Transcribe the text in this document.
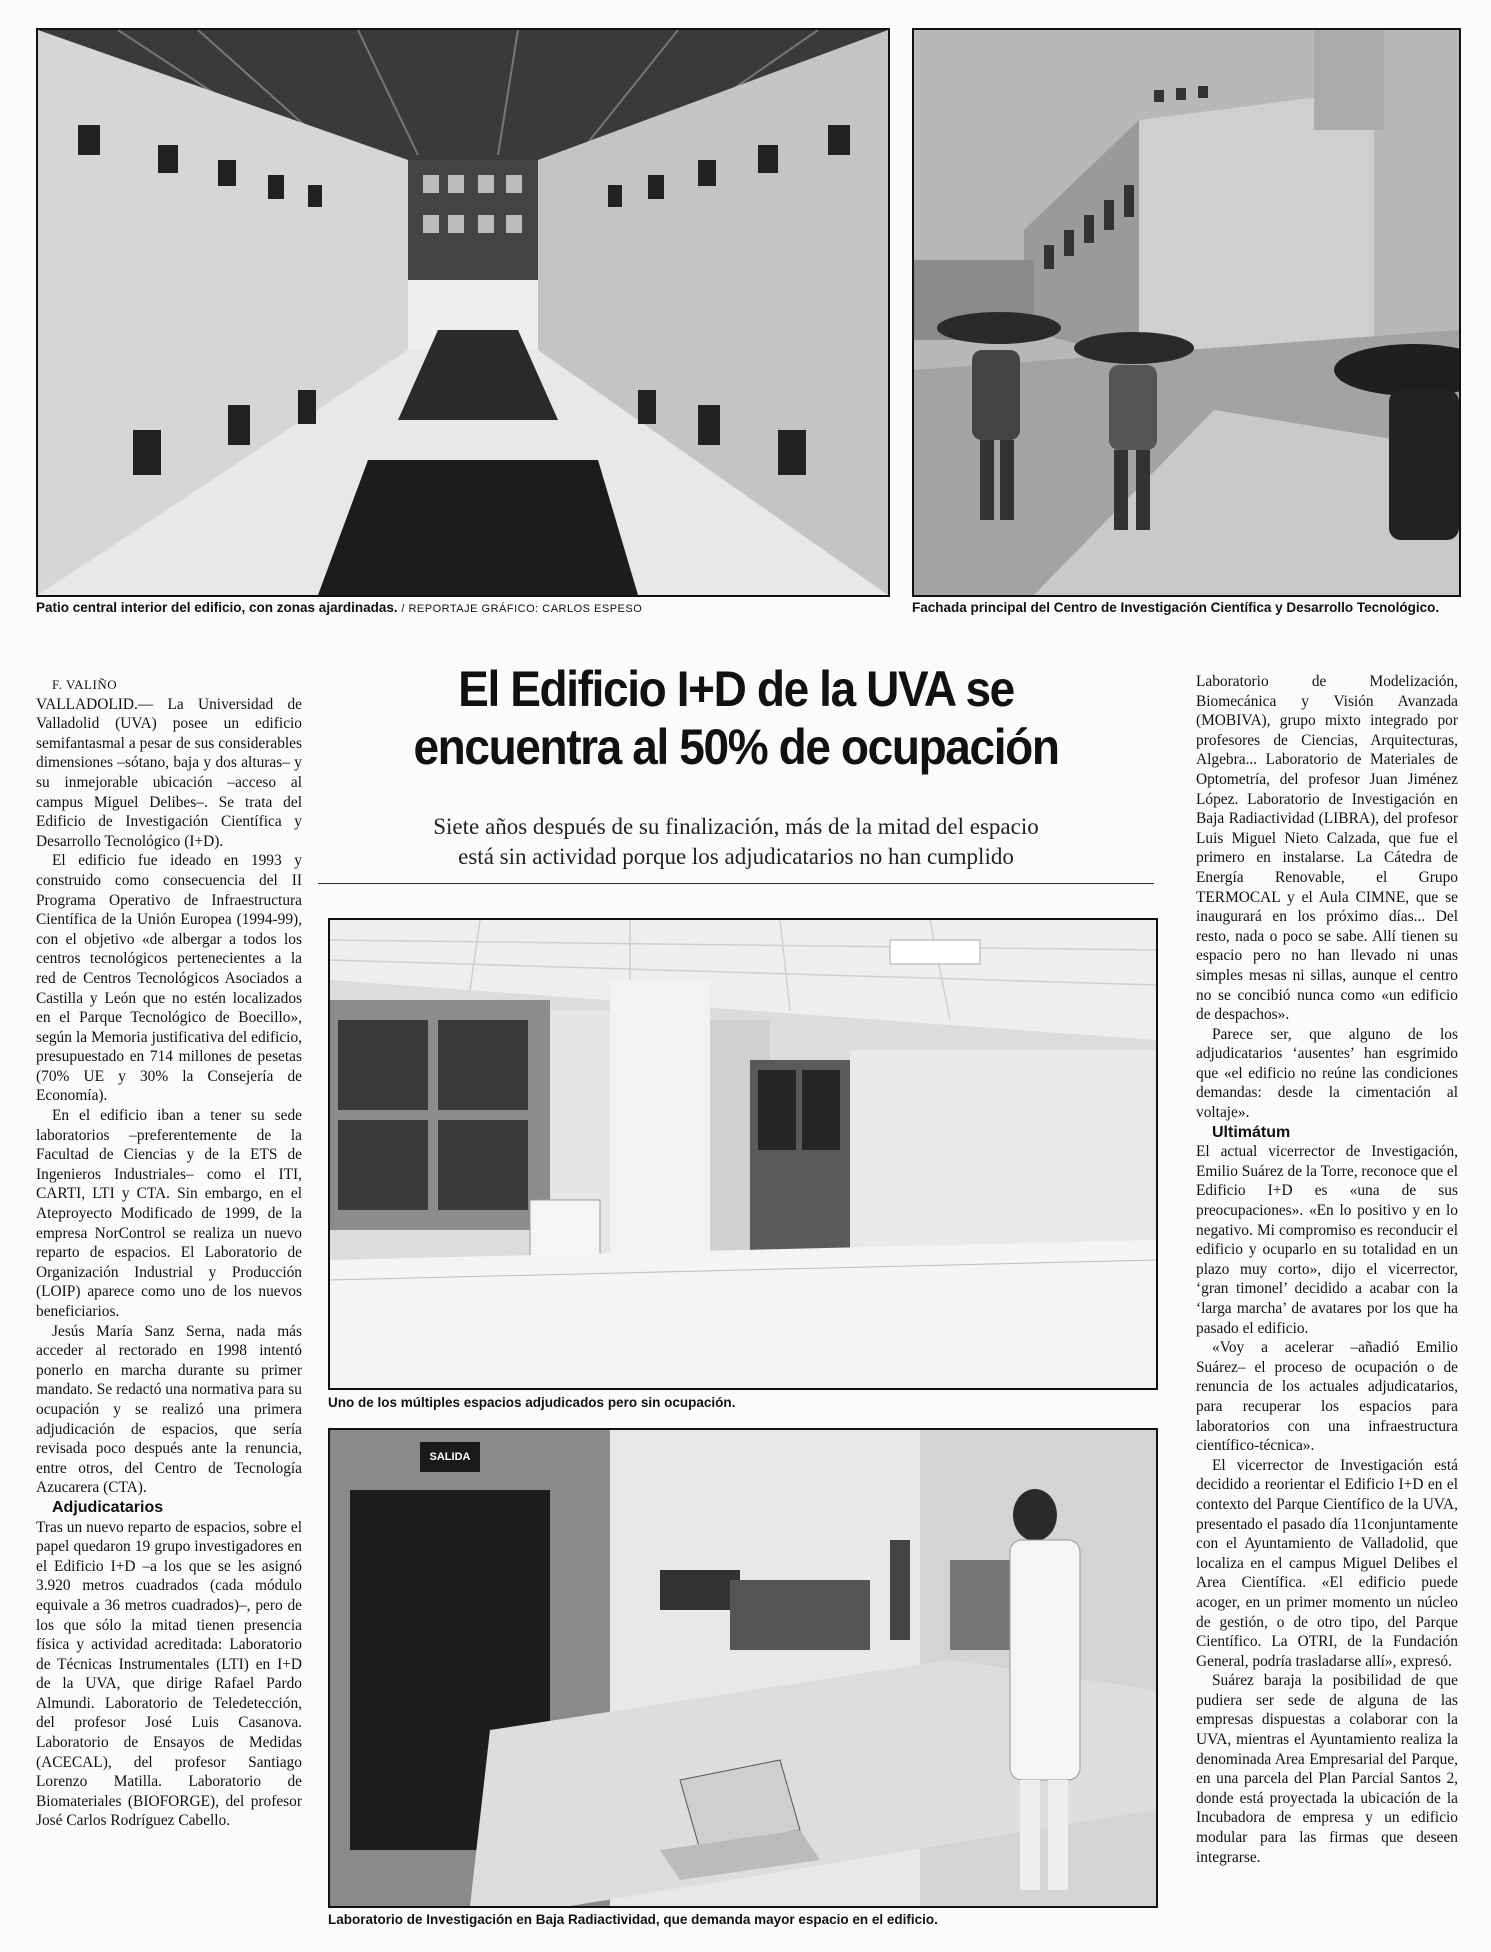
Patio central interior del edificio, con zonas ajardinadas. / REPORTAJE GRÁFICO: CARLOS ESPESO	Fachada principal del Centro de Investigación Científica y Desarrollo Tecnológico.

F. VALIÑO

VALLADOLID.— La Universidad de Valladolid (UVA) posee un edificio semifantasmal a pesar de sus considerables dimensiones –sótano, baja y dos alturas– y su inmejorable ubicación –acceso al campus Miguel Delibes–. Se trata del Edificio de Investigación Científica y Desarrollo Tecnológico (I+D).

El edificio fue ideado en 1993 y construido como consecuencia del II Programa Operativo de Infraestructura Científica de la Unión Europea (1994-99), con el objetivo «de albergar a todos los centros tecnológicos pertenecientes a la red de Centros Tecnológicos Asociados a Castilla y León que no estén localizados en el Parque Tecnológico de Boecillo», según la Memoria justificativa del edificio, presupuestado en 714 millones de pesetas (70% UE y 30% la Consejería de Economía).

En el edificio iban a tener su sede laboratorios –preferentemente de la Facultad de Ciencias y de la ETS de Ingenieros Industriales– como el ITI, CARTI, LTI y CTA. Sin embargo, en el Ateproyecto Modificado de 1999, de la empresa NorControl se realiza un nuevo reparto de espacios. El Laboratorio de Organización Industrial y Producción (LOIP) aparece como uno de los nuevos beneficiarios.

Jesús María Sanz Serna, nada más acceder al rectorado en 1998 intentó ponerlo en marcha durante su primer mandato. Se redactó una normativa para su ocupación y se realizó una primera adjudicación de espacios, que sería revisada poco después ante la renuncia, entre otros, del Centro de Tecnología Azucarera (CTA).

Adjudicatarios

Tras un nuevo reparto de espacios, sobre el papel quedaron 19 grupo investigadores en el Edificio I+D –a los que se les asignó 3.920 metros cuadrados (cada módulo equivale a 36 metros cuadrados)–, pero de los que sólo la mitad tienen presencia física y actividad acreditada: Laboratorio de Técnicas Instrumentales (LTI) en I+D de la UVA, que dirige Rafael Pardo Almundi. Laboratorio de Teledetección, del profesor José Luis Casanova. Laboratorio de Ensayos de Medidas (ACECAL), del profesor Santiago Lorenzo Matilla. Laboratorio de Biomateriales (BIOFORGE), del profesor José Carlos Rodríguez Cabello.

El Edificio I+D de la UVA se
encuentra al 50% de ocupación
Siete años después de su finalización, más de la mitad del espacio
está sin actividad porque los adjudicatarios no han cumplido
Uno de los múltiples espacios adjudicados pero sin ocupación.
SALIDA
Laboratorio de Investigación en Baja Radiactividad, que demanda mayor espacio en el edificio.

Laboratorio de Modelización, Biomecánica y Visión Avanzada (MOBIVA), grupo mixto integrado por profesores de Ciencias, Arquitecturas, Algebra... Laboratorio de Materiales de Optometría, del profesor Juan Jiménez López. Laboratorio de Investigación en Baja Radiactividad (LIBRA), del profesor Luis Miguel Nieto Calzada, que fue el primero en instalarse. La Cátedra de Energía Renovable, el Grupo TERMOCAL y el Aula CIMNE, que se inaugurará en los próximo días... Del resto, nada o poco se sabe. Allí tienen su espacio pero no han llevado ni unas simples mesas ni sillas, aunque el centro no se concibió nunca como «un edificio de despachos».

Parece ser, que alguno de los adjudicatarios ‘ausentes’ han esgrimido que «el edificio no reúne las condiciones demandas: desde la cimentación al voltaje».

Ultimátum

El actual vicerrector de Investigación, Emilio Suárez de la Torre, reconoce que el Edificio I+D es «una de sus preocupaciones». «En lo positivo y en lo negativo. Mi compromiso es reconducir el edificio y ocuparlo en su totalidad en un plazo muy corto», dijo el vicerrector, ‘gran timonel’ decidido a acabar con la ‘larga marcha’ de avatares por los que ha pasado el edificio.

«Voy a acelerar –añadió Emilio Suárez– el proceso de ocupación o de renuncia de los actuales adjudicatarios, para recuperar los espacios para laboratorios con una infraestructura científico-técnica».

El vicerrector de Investigación está decidido a reorientar el Edificio I+D en el contexto del Parque Científico de la UVA, presentado el pasado día 11conjuntamente con el Ayuntamiento de Valladolid, que localiza en el campus Miguel Delibes el Area Científica. «El edificio puede acoger, en un primer momento un núcleo de gestión, o de otro tipo, del Parque Científico. La OTRI, de la Fundación General, podría trasladarse allí», expresó.

Suárez baraja la posibilidad de que pudiera ser sede de alguna de las empresas dispuestas a colaborar con la UVA, mientras el Ayuntamiento realiza la denominada Area Empresarial del Parque, en una parcela del Plan Parcial Santos 2, donde está proyectada la ubicación de la Incubadora de empresa y un edificio modular para las firmas que deseen integrarse.
